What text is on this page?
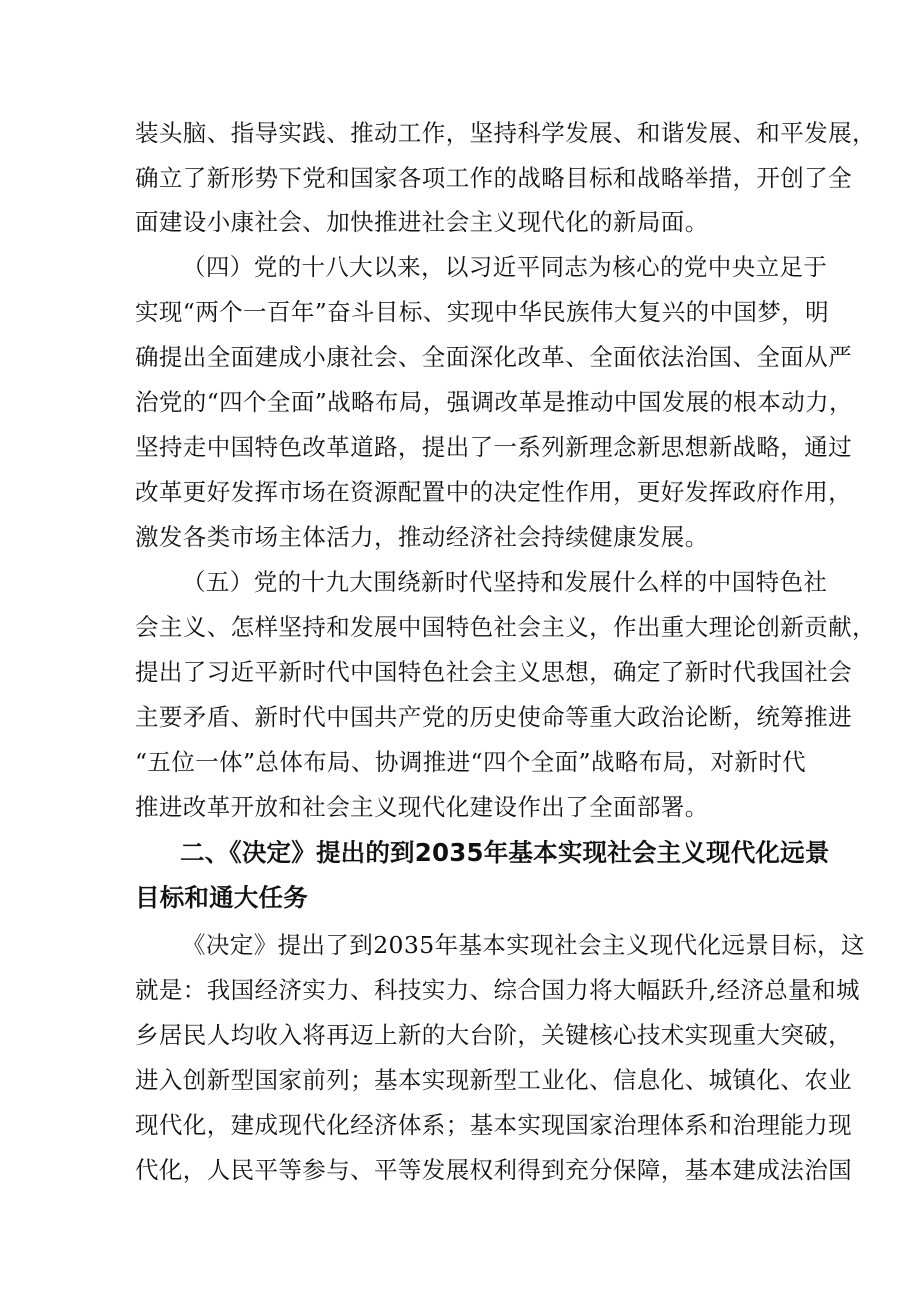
装头脑、指导实践、推动工作，坚持科学发展、和谐发展、和平发展，
确立了新形势下党和国家各项工作的战略目标和战略举措，开创了全
面建设小康社会、加快推进社会主义现代化的新局面。
（四）党的十八大以来，以习近平同志为核心的党中央立足于
实现“两个一百年”奋斗目标、实现中华民族伟大复兴的中国梦，明
确提出全面建成小康社会、全面深化改革、全面依法治国、全面从严
治党的“四个全面”战略布局，强调改革是推动中国发展的根本动力，
坚持走中国特色改革道路，提出了一系列新理念新思想新战略，通过
改革更好发挥市场在资源配置中的决定性作用，更好发挥政府作用，
激发各类市场主体活力，推动经济社会持续健康发展。
（五）党的十九大围绕新时代坚持和发展什么样的中国特色社
会主义、怎样坚持和发展中国特色社会主义，作出重大理论创新贡献，
提出了习近平新时代中国特色社会主义思想，确定了新时代我国社会
主要矛盾、新时代中国共产党的历史使命等重大政治论断，统筹推进
“五位一体”总体布局、协调推进“四个全面”战略布局，对新时代
推进改革开放和社会主义现代化建设作出了全面部署。
二、《决定》提出的到2035年基本实现社会主义现代化远景
目标和通大任务
《决定》提出了到2035年基本实现社会主义现代化远景目标，这
就是：我国经济实力、科技实力、综合国力将大幅跃升,经济总量和城
乡居民人均收入将再迈上新的大台阶，关键核心技术实现重大突破，
进入创新型国家前列；基本实现新型工业化、信息化、城镇化、农业
现代化，建成现代化经济体系；基本实现国家治理体系和治理能力现
代化，人民平等参与、平等发展权利得到充分保障，基本建成法治国
